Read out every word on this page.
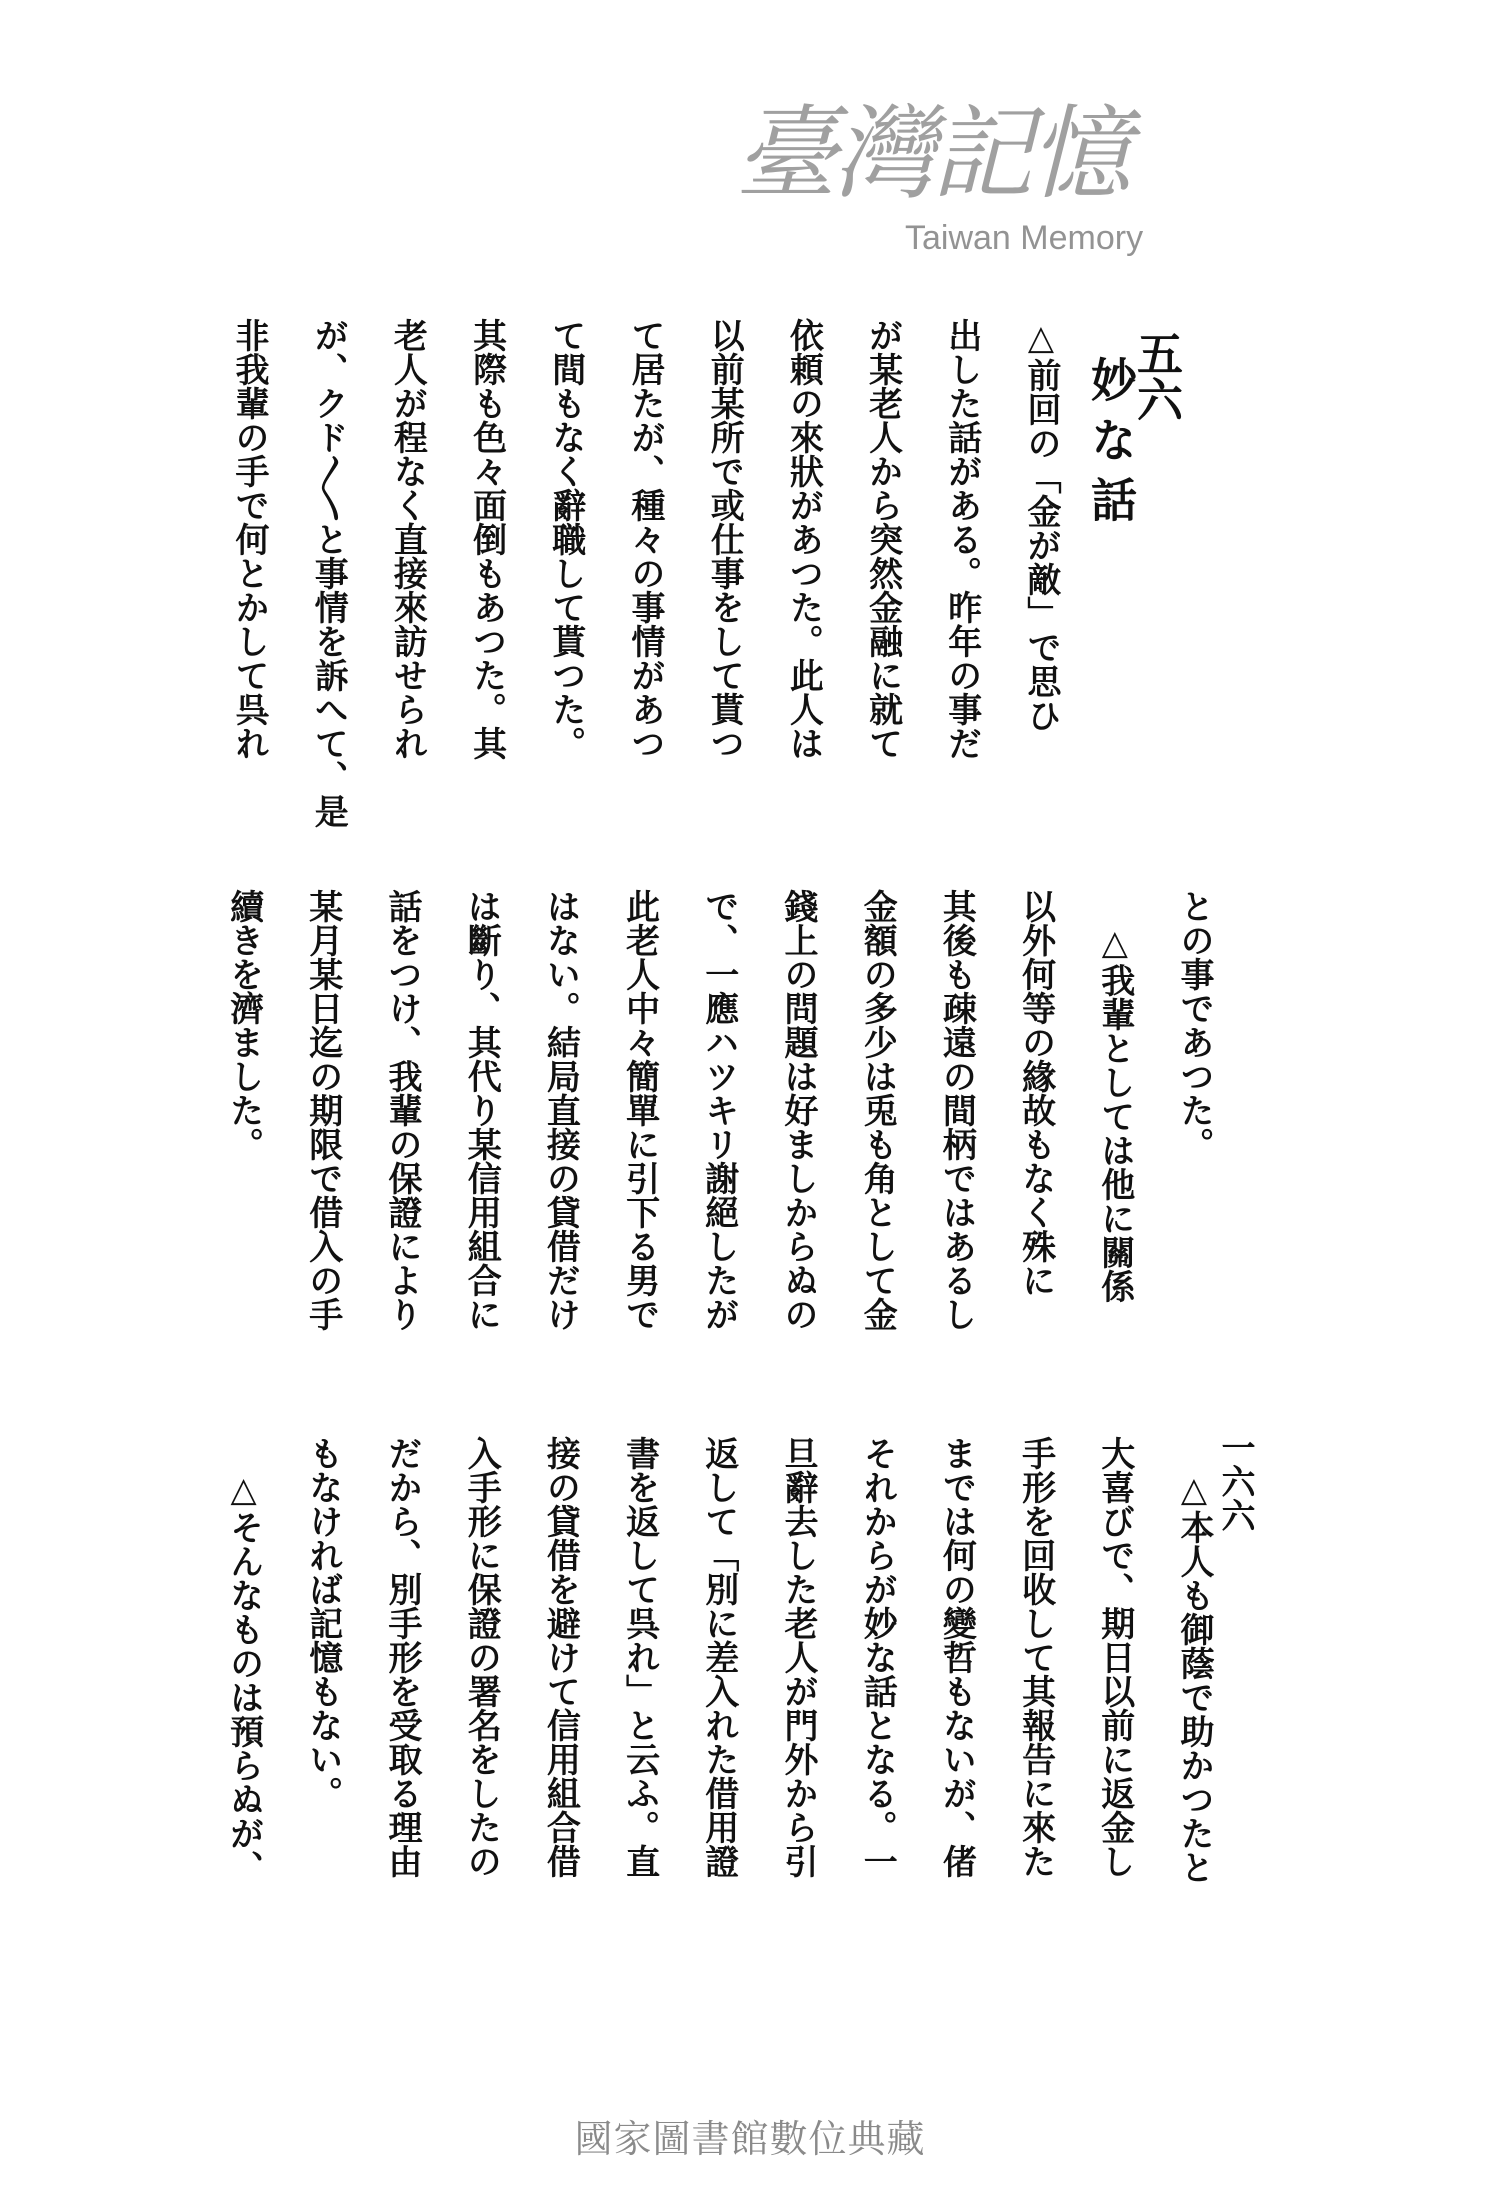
五六
妙な話
一六六
△前回の「金が敵」で思ひ
出した話がある。昨年の事だ
が某老人から突然金融に就て
依頼の來狀があつた。此人は
以前某所で或仕事をして貰つ
て居たが、種々の事情があつ
て間もなく辭職して貰つた。
其際も色々面倒もあつた。其
老人が程なく直接來訪せられ
が、クド〳〵と事情を訴へて、是
非我輩の手で何とかして呉れ
との事であつた。
　△我輩としては他に關係
以外何等の緣故もなく殊に
其後も疎遠の間柄ではあるし
金額の多少は兎も角として金
錢上の問題は好ましからぬの
で、一應ハツキリ謝絕したが
此老人中々簡單に引下る男で
はない。結局直接の貸借だけ
は斷り、其代り某信用組合に
話をつけ、我輩の保證により
某月某日迄の期限で借入の手
續きを濟ました。
　△本人も御蔭で助かつたと
大喜びで、期日以前に返金し
手形を回收して其報告に來た
までは何の變哲もないが、偖
それからが妙な話となる。一
旦辭去した老人が門外から引
返して「別に差入れた借用證
書を返して呉れ」と云ふ。直
接の貸借を避けて信用組合借
入手形に保證の署名をしたの
だから、別手形を受取る理由
もなければ記憶もない。
　△そんなものは預らぬが、
臺灣記憶
Taiwan Memory
國家圖書館數位典藏
